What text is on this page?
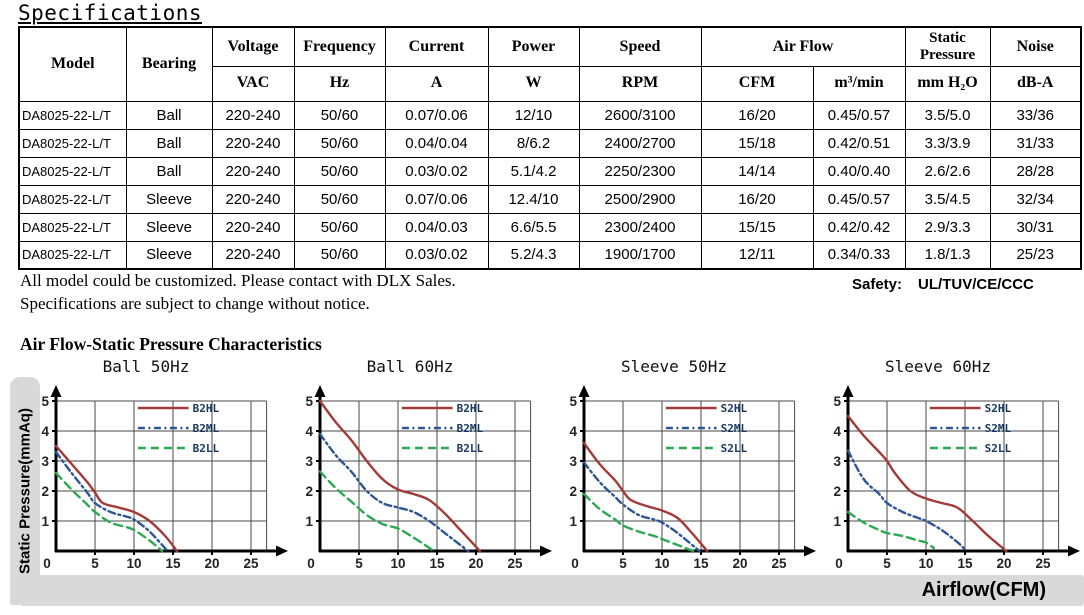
Specifications
Model	Bearing	Voltage	Frequency	Current	Power	Speed	Air Flow		Static Pressure	Noise
		VAC	Hz	A	W	RPM	CFM	m³/min	mm H₂O	dB-A
DA8025-22-L/T	Ball	220-240	50/60	0.07/0.06	12/10	2600/3100	16/20	0.45/0.57	3.5/5.0	33/36
DA8025-22-L/T	Ball	220-240	50/60	0.04/0.04	8/6.2	2400/2700	15/18	0.42/0.51	3.3/3.9	31/33
DA8025-22-L/T	Ball	220-240	50/60	0.03/0.02	5.1/4.2	2250/2300	14/14	0.40/0.40	2.6/2.6	28/28
DA8025-22-L/T	Sleeve	220-240	50/60	0.07/0.06	12.4/10	2500/2900	16/20	0.45/0.57	3.5/4.5	32/34
DA8025-22-L/T	Sleeve	220-240	50/60	0.04/0.03	6.6/5.5	2300/2400	15/15	0.42/0.42	2.9/3.3	30/31
DA8025-22-L/T	Sleeve	220-240	50/60	0.03/0.02	5.2/4.3	1900/1700	12/11	0.34/0.33	1.8/1.3	25/23
All model could be customized. Please contact with DLX Sales.
Specifications are subject to change without notice.
Safety: UL/TUV/CE/CCC
Air Flow-Static Pressure Characteristics
Static Pressure(mmAq)
Airflow(CFM)
Ball 50Hz
0	5 10 15 20 25
1
2
3
4
5	B2HL
B2ML
B2LL
Ball 60Hz
0	5 10 15 20 25
1
2
3
4
5	B2HL
B2ML
B2LL
Sleeve 50Hz
0	5 10 15 20 25
1
2
3
4
5	S2HL
S2ML
S2LL
Sleeve 60Hz
0	5 10 15 20 25
1
2
3
4
5	S2HL
S2ML
S2LL
